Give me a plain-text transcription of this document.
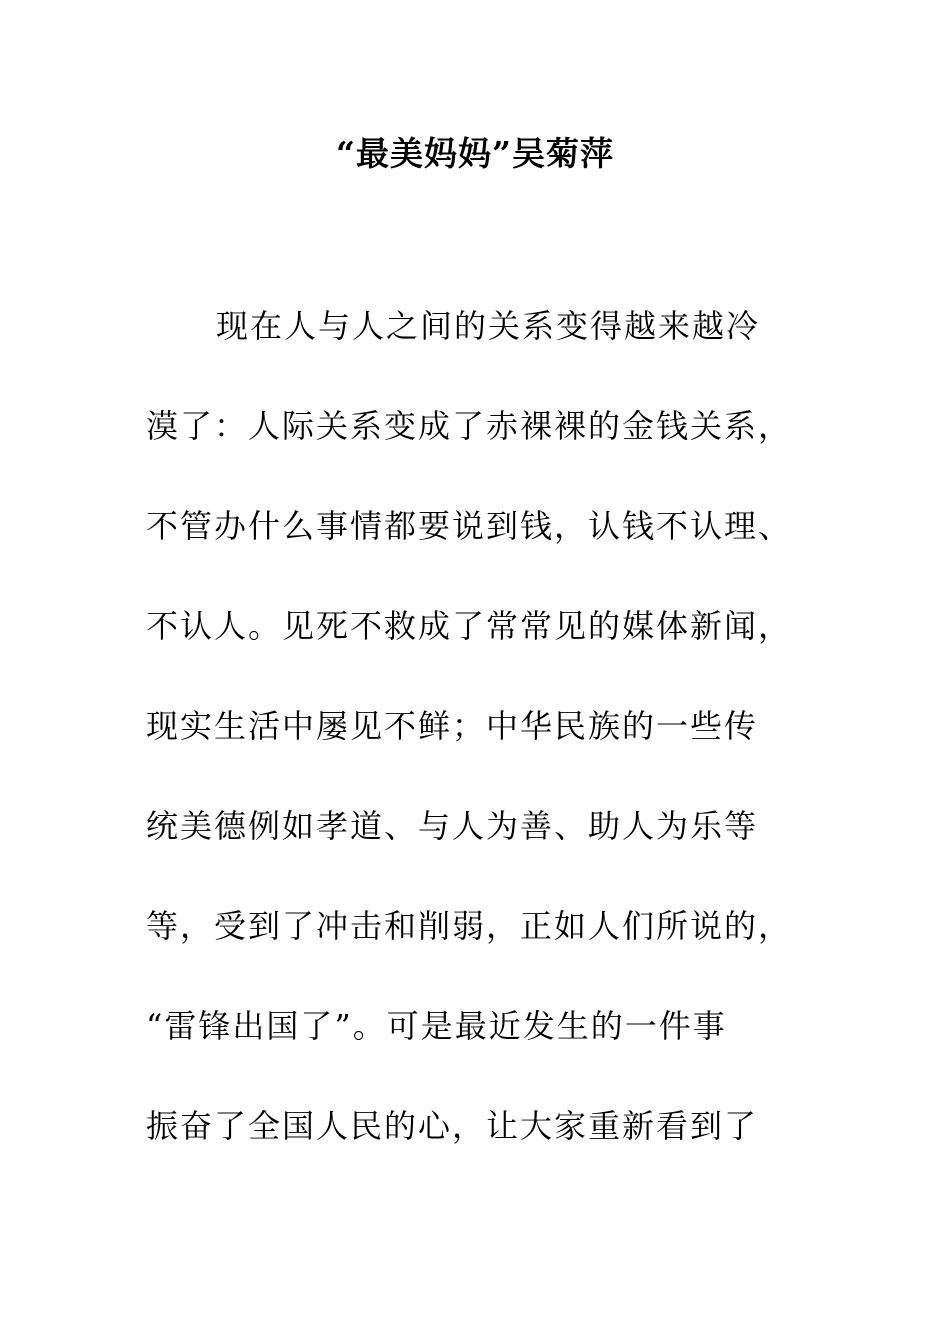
“最美妈妈”吴菊萍
现在人与人之间的关系变得越来越冷
漠了：人际关系变成了赤裸裸的金钱关系，
不管办什么事情都要说到钱，认钱不认理、
不认人。见死不救成了常常见的媒体新闻，
现实生活中屡见不鲜；中华民族的一些传
统美德例如孝道、与人为善、助人为乐等
等，受到了冲击和削弱，正如人们所说的，
“雷锋出国了”。可是最近发生的一件事
振奋了全国人民的心，让大家重新看到了
